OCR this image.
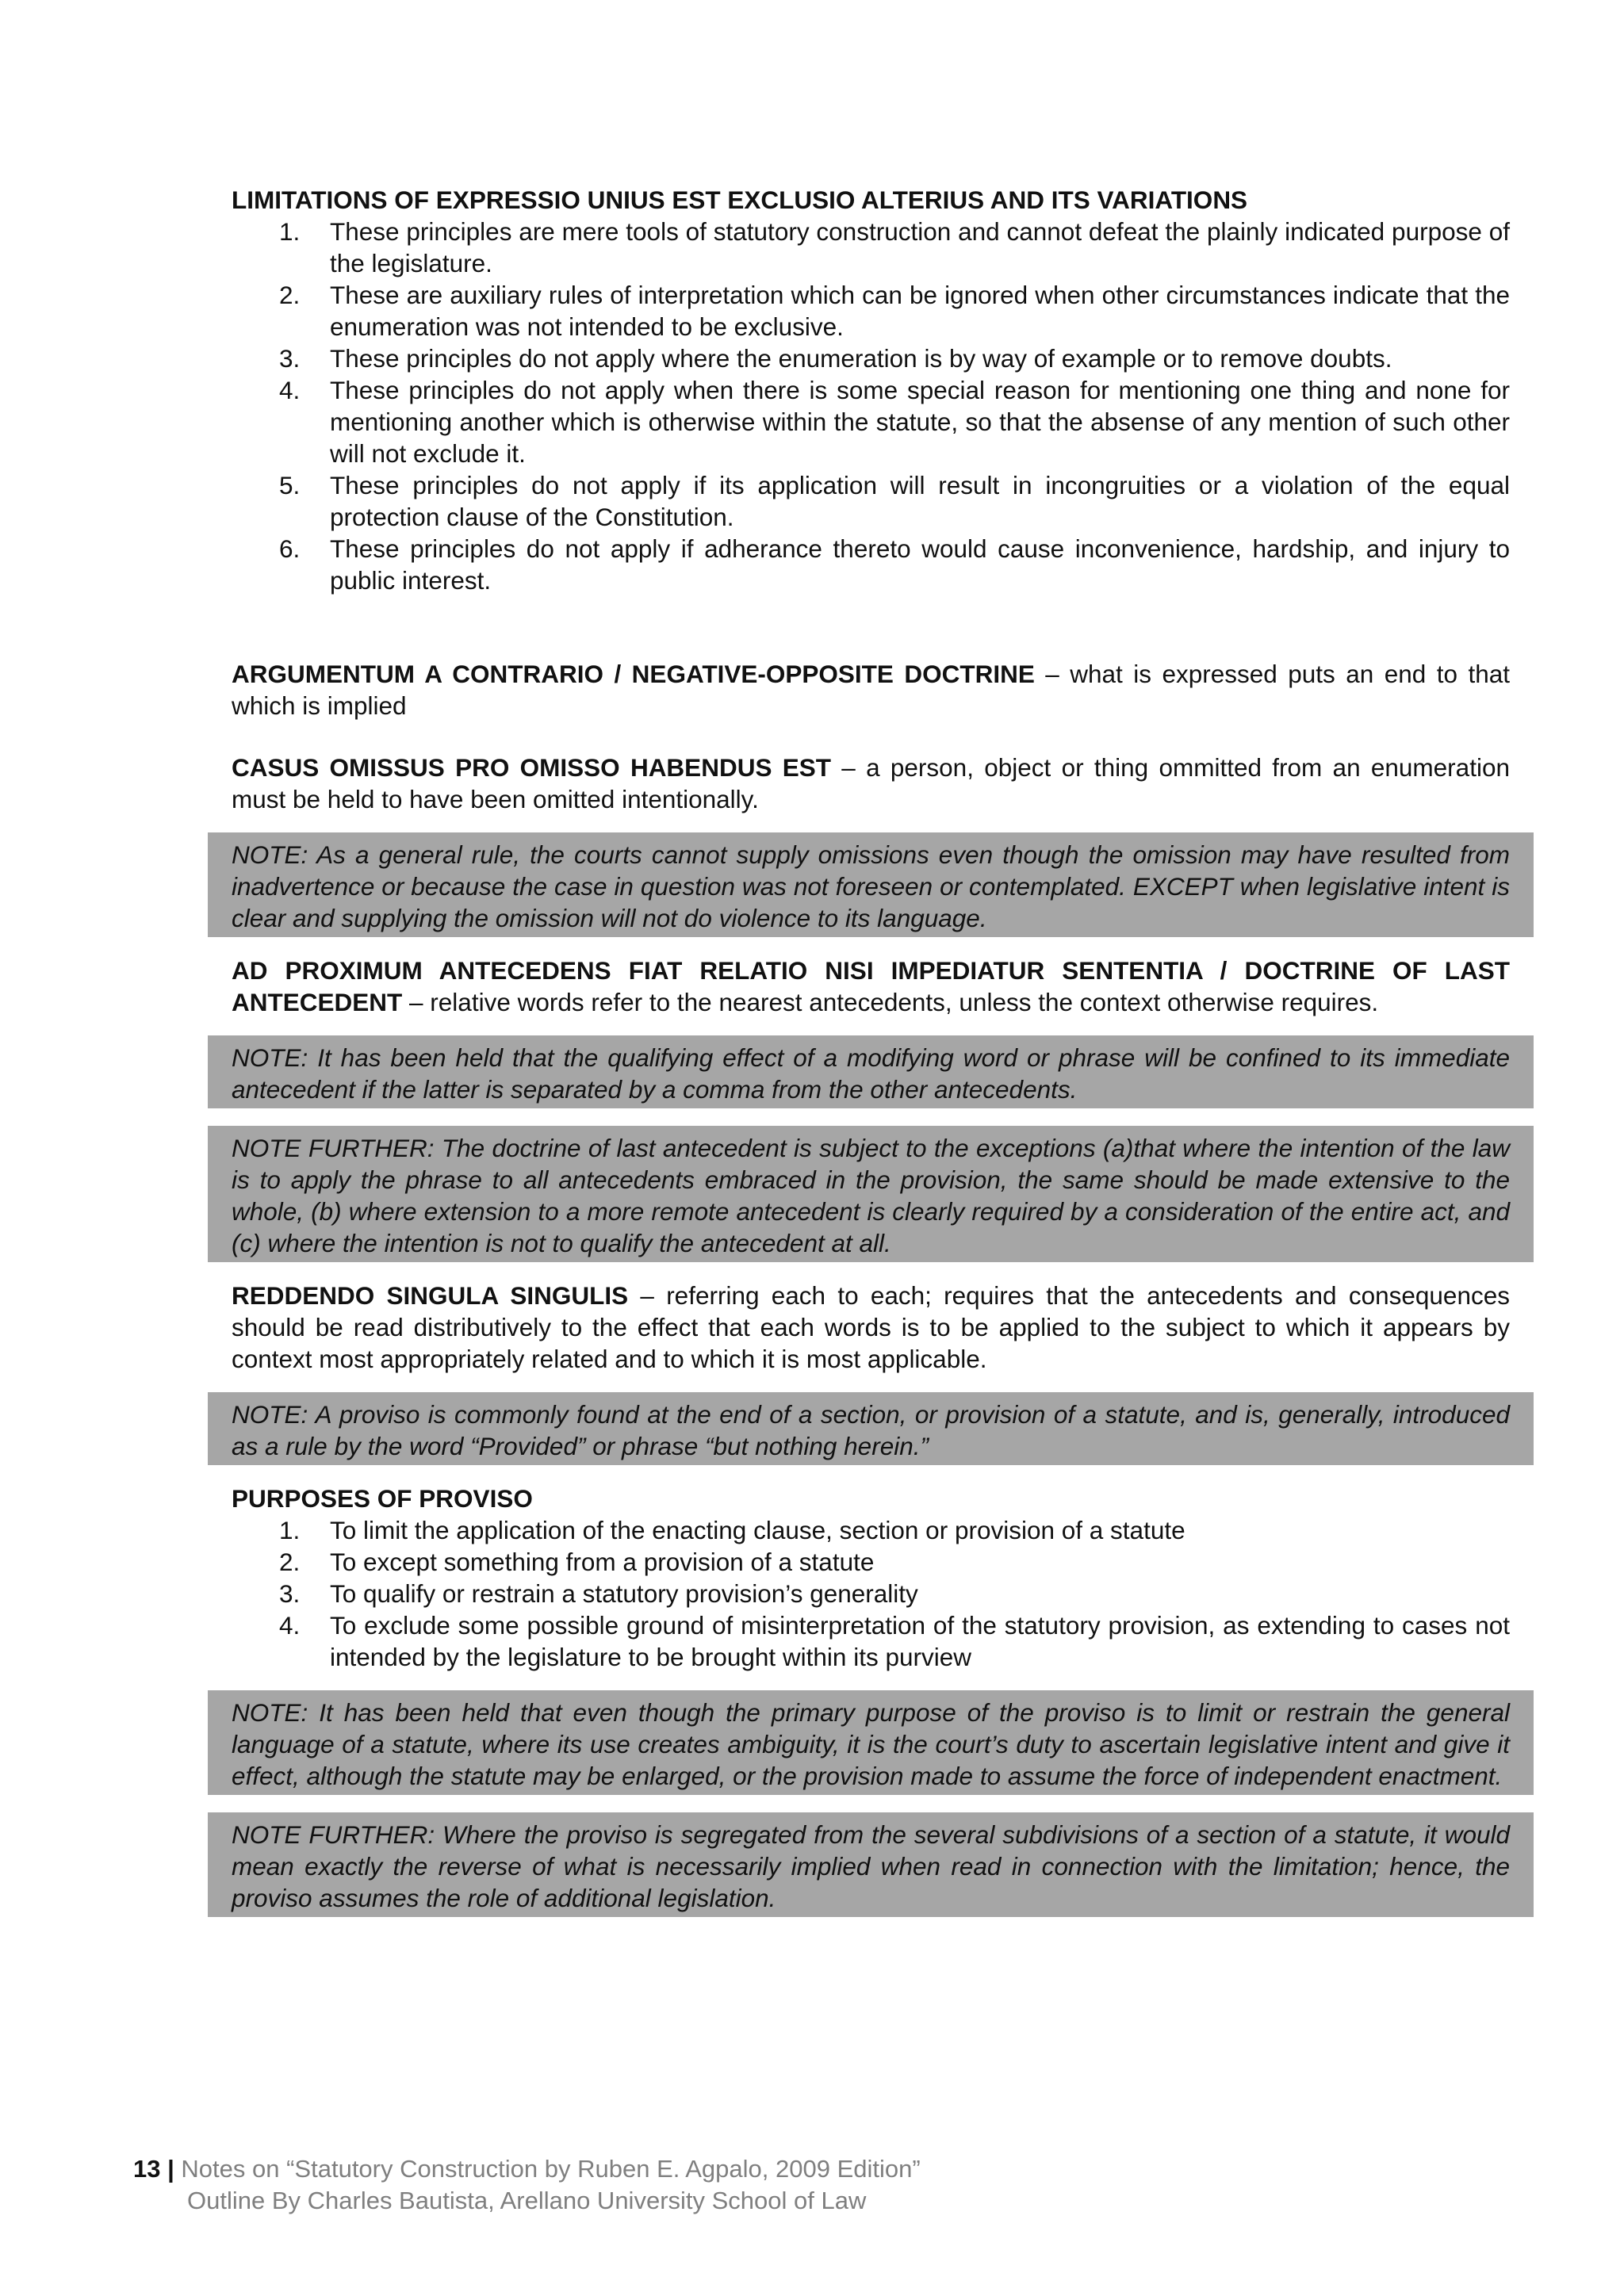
LIMITATIONS OF EXPRESSIO UNIUS EST EXCLUSIO ALTERIUS AND ITS VARIATIONS

1. These principles are mere tools of statutory construction and cannot defeat the plainly indicated purpose of the legislature.
2. These are auxiliary rules of interpretation which can be ignored when other circumstances indicate that the enumeration was not intended to be exclusive.
3. These principles do not apply where the enumeration is by way of example or to remove doubts.
4. These principles do not apply when there is some special reason for mentioning one thing and none for mentioning another which is otherwise within the statute, so that the absense of any mention of such other will not exclude it.
5. These principles do not apply if its application will result in incongruities or a violation of the equal protection clause of the Constitution.
6. These principles do not apply if adherance thereto would cause inconvenience, hardship, and injury to public interest.

ARGUMENTUM A CONTRARIO / NEGATIVE-OPPOSITE DOCTRINE – what is expressed puts an end to that which is implied

CASUS OMISSUS PRO OMISSO HABENDUS EST – a person, object or thing ommitted from an enumeration must be held to have been omitted intentionally.

NOTE: As a general rule, the courts cannot supply omissions even though the omission may have resulted from inadvertence or because the case in question was not foreseen or contemplated. EXCEPT when legislative intent is clear and supplying the omission will not do violence to its language.

AD PROXIMUM ANTECEDENS FIAT RELATIO NISI IMPEDIATUR SENTENTIA / DOCTRINE OF LAST ANTECEDENT – relative words refer to the nearest antecedents, unless the context otherwise requires.

NOTE: It has been held that the qualifying effect of a modifying word or phrase will be confined to its immediate antecedent if the latter is separated by a comma from the other antecedents.
NOTE FURTHER: The doctrine of last antecedent is subject to the exceptions (a)that where the intention of the law is to apply the phrase to all antecedents embraced in the provision, the same should be made extensive to the whole, (b) where extension to a more remote antecedent is clearly required by a consideration of the entire act, and (c) where the intention is not to qualify the antecedent at all.

REDDENDO SINGULA SINGULIS – referring each to each; requires that the antecedents and consequences should be read distributively to the effect that each words is to be applied to the subject to which it appears by context most appropriately related and to which it is most applicable.

NOTE: A proviso is commonly found at the end of a section, or provision of a statute, and is, generally, introduced as a rule by the word “Provided” or phrase “but nothing herein.”

PURPOSES OF PROVISO

1. To limit the application of the enacting clause, section or provision of a statute
2. To except something from a provision of a statute
3. To qualify or restrain a statutory provision’s generality
4. To exclude some possible ground of misinterpretation of the statutory provision, as extending to cases not intended by the legislature to be brought within its purview
NOTE: It has been held that even though the primary purpose of the proviso is to limit or restrain the general language of a statute, where its use creates ambiguity, it is the court’s duty to ascertain legislative intent and give it effect, although the statute may be enlarged, or the provision made to assume the force of independent enactment.
NOTE FURTHER: Where the proviso is segregated from the several subdivisions of a section of a statute, it would mean exactly the reverse of what is necessarily implied when read in connection with the limitation; hence, the proviso assumes the role of additional legislation.
13 | Notes on “Statutory Construction by Ruben E. Agpalo, 2009 Edition”
Outline By Charles Bautista, Arellano University School of Law
